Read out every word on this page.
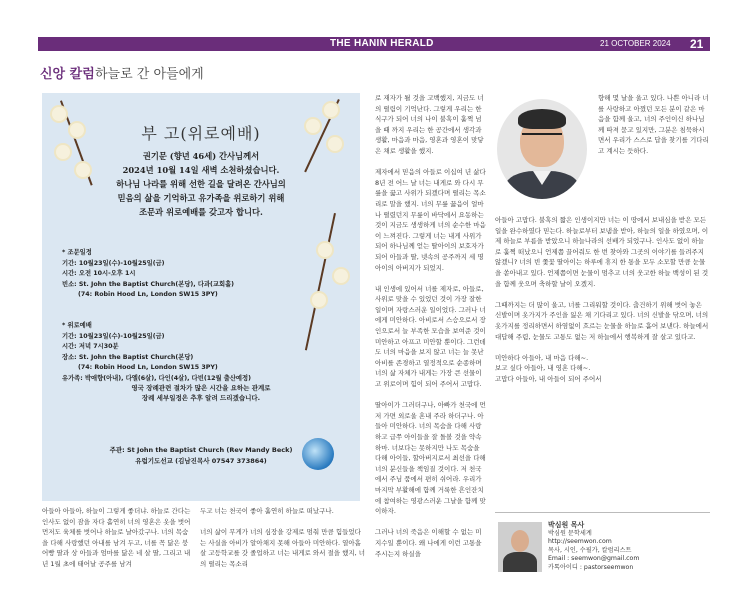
THE HANIN HERALD	21 OCTOBER 2024 21
신앙 칼럼 하늘로 간 아들에게
부 고(위로예배)
권기문 (향년 46세) 간사님께서
2024년 10월 14일 새벽 소천하셨습니다.
하나님 나라를 위해 선한 길을 달려온 간사님의
믿음의 삶을 기억하고 유가족을 위로하기 위해
조문과 위로예배를 갖고자 합니다.
* 조문일정
기간: 10월23일(수)-10월25일(금)
시간: 오전 10시-오후 1시
빈소: St. John the Baptist Church(본당), 다과(교회홀)
(74: Robin Hood Ln, London SW15 3PY)
* 위로예배
기간: 10월23일(수)-10월25일(금)
시간: 저녁 7시30분
장소: St. John the Baptist Church(본당)
(74: Robin Hood Ln, London SW15 3PY)
유가족: 박애향(아내), 다엘(6살), 다인(4살), 다빈(12월 출산예정)
영국 장례관련 절차가 많은 시간을 요하는 관계로
장례 세부일정은 추후 알려 드리겠습니다.
주관: St John the Baptist Church (Rev Mandy Beck)
유럽기도선교 (김남진목사 07547 373864)
로 재자가 될 것을 고백했지, 지금도 너의 떨림이 기억난다. 그렇게 우리는 한 식구가 되어 너의 나이 불혹이 훌쩍 넘을 때 까지 우리는 한 공간에서 생각과 생활, 마음과 마음, 영혼과 영혼이 맞닿은 채로 생활을 했지.

제자에서 믿음의 아들로 이십여 년 삶다 8년 전 어느 날 너는 내게로 와 다시 무릎을 꿇고 사위가 되겠다며 떨리는 목소리로 말을 했지. 너의 무릎 꿇음이 얼마나 떨렸던지 무릎이 바닥에서 요동하는 것이 지금도 생생하게 너의 순수한 마음이 느껴진다. 그렇게 너는 내게 사위가 되어 하나님께 얻는 딸아이의 보호자가 되어 아들과 딸, 넷속의 공주까지 세 명 아이의 아버지가 되었지.

내 인생에 있어서 너를 제자로, 아들로, 사위로 맞을 수 있었던 것이 가장 잘한 일이며 자랑스러운 일이었다. 그러나 너에게 미안하다. 아비로서 스승으로서 장인으로서 늘 부족한 모습을 보여준 것이 미안하고 아프고 미안할 뿐이다. 그런데도 너의 마음을 보지 않고 너는 늘 못난 아비를 존경하고 열정적으로 순종하며 너의 삶 자체가 내게는 가장 큰 선물이고 위로이며 힘이 되어 주어서 고맙다.

딸아이가 그러더구나, 아빠가 천국에 먼저 가면 외로울 혼내 주라 하더구나. 아들아 미안하다. 너의 목숨을 다해 사랑하고 급쭈 아이들을 잘 돌볼 것을 약속하마. 너보다는 못하지만 나도 목숨을 다해 아이들, 할아버지로서 최선을 다해 너의 분신들을 책임질 것이다. 저 천국에서 주님 품에서 편히 쉬어라. 우리가 마지막 부활해에 함께 거룩한 흔인잔치에 참여하는 영광스러운 그날을 함께 맞이하자.

그러나 너의 죽음은 이해할 수 없는 미지수일 뿐이다. 왜 나에게 이런 고통을 주시는지 하실을
향해 몇 날을 울고 있다. 나쁜 아니라 너를 사랑하고 아꼈던 모든 분이 같은 마음을 함께 울고, 너의 주인이신 하나님께 따져 묻고 있지만, 그분은 침묵하시면서 우리가 스스로 답을 찾기를 기다리고 계시는 듯하다.
아들아 고맙다. 불혹의 짧은 인생이지만 너는 이 땅에서 보내심을 받은 모든 일을 완수하였다 믿는다. 하늘로부터 보냄을 받아, 하늘의 일을 하였으며, 이제 하늘로 부름을 받았으니 하늘나라의 선배가 되었구나. 인사도 없이 하늘로 훌쩍 떠났으니 언제쯤 끌어줘도 한 번 찾아와 그곳의 이야기를 들려주지 않겠니? 너의 빈 쫓꽃 딸아이는 하루에 휴지 한 통을 모두 소모할 만큼 눈물을 쏟아내고 있다. 언제쯤이면 눈물이 멈추고 너의 웃고한 하늘 백성이 된 것을 함께 웃으며 축하할 날이 오겠지.

그때까지는 더 많이 울고, 너를 그리워할 것이다. 춥건하기 위해 벗어 놓은 신발이며 옷가지가 주인을 잃은 채 기다리고 있다. 너의 신발을 닦으며, 너의 옷가지를 정리하면서 하염없이 흐르는 눈물을 하늘로 흩어 보낸다. 하늘에서 대답해 주렴, 눈물도 고통도 없는 저 하늘에서 행복하게 잘 살고 있다고.

미안하다 아들아, 내 마음 다해~.
보고 싶다 아들아, 내 영혼 다해~.
고맙다 아들아, 내 아들이 되어 주어서
아들아 아들아, 하늘이 그렇게 좋더냐. 하늘로 간다는 인사도 없이 잠을 자다 홀연히 너의 영혼은 옷을 벗어 먼저도 육체를 벗어나 하늘로 날아갔구나. 너의 목숨을 다해 사랑했던 아내를 남겨 두고, 너를 꼭 닮은 붕어빵 딸과 상 아들과 엄마를 닮은 네 살 딸, 그리고 내년 1월 초에 태어날 공주를 남겨
두고 너는 천국이 좋아 훌연히 하늘로 떠났구나.

너의 삶이 무게가 너의 심장을 강제로 멈춰 만큼 힘들었다는 사실을 아비가 알아채지 못해 아들아 미안하다. 열아홉 살 고등학교를 갓 졸업하고 너는 내게로 와서 절을 했지, 너의 떨리는 목소리
박심원 목사
박심원 문학세계
http://seemwon.com
목사, 시인, 수필가, 칼럼리스트
Email : seemwon@gmail.com
카톡아이디 : pastorseemwon
